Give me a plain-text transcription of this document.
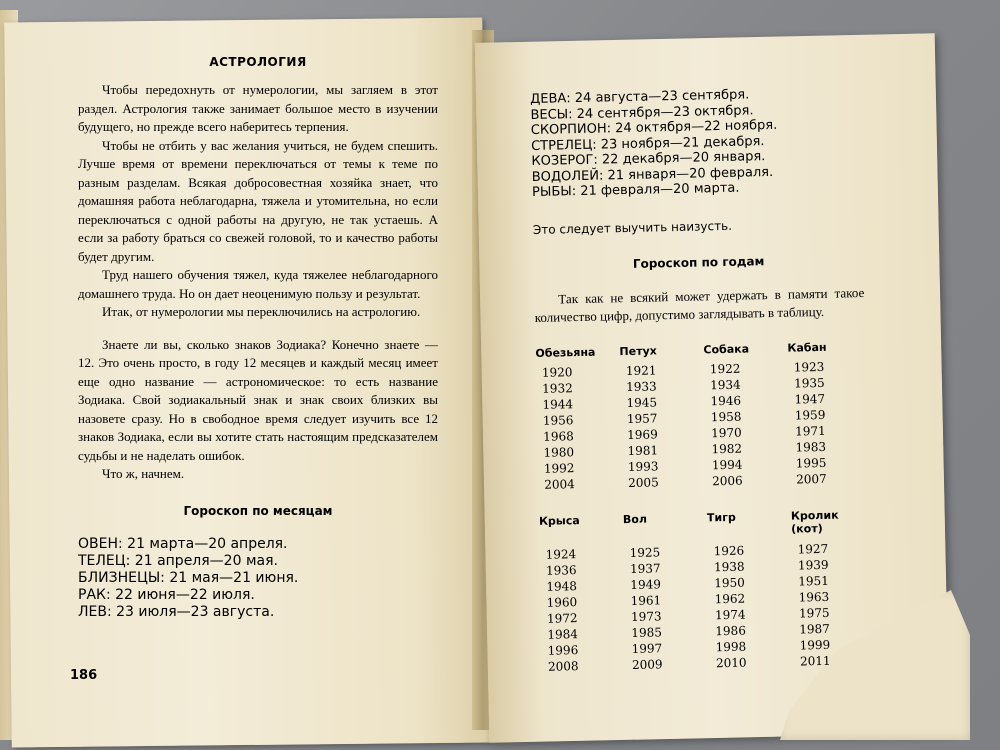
АСТРОЛОГИЯ

Чтобы передохнуть от нумерологии, мы загляем в этот раздел. Астрология также занимает большое место в изучении будущего, но прежде всего наберитесь терпения.

Чтобы не отбить у вас желания учиться, не будем спешить. Лучше время от времени переключаться от темы к теме по разным разделам. Всякая добросовестная хозяйка знает, что домашняя работа неблагодарна, тяжела и утомительна, но если переключаться с одной работы на другую, не так устаешь. А если за работу браться со свежей головой, то и качество работы будет другим.

Труд нашего обучения тяжел, куда тяжелее неблагодарного домашнего труда. Но он дает неоценимую пользу и результат.

Итак, от нумерологии мы переключились на астрологию.

Знаете ли вы, сколько знаков Зодиака? Конечно знаете — 12. Это очень просто, в году 12 месяцев и каждый месяц имеет еще одно название — астрономическое: то есть название Зодиака. Свой зодиакальный знак и знак своих близких вы назовете сразу. Но в свободное время следует изучить все 12 знаков Зодиака, если вы хотите стать настоящим предсказателем судьбы и не наделать ошибок.

Что ж, начнем.

Гороскоп по месяцам
ОВЕН: 21 марта—20 апреля.
ТЕЛЕЦ: 21 апреля—20 мая.
БЛИЗНЕЦЫ: 21 мая—21 июня.
РАК: 22 июня—22 июля.
ЛЕВ: 23 июля—23 августа.
186
ДЕВА: 24 августа—23 сентября.
ВЕСЫ: 24 сентября—23 октября.
СКОРПИОН: 24 октября—22 ноября.
СТРЕЛЕЦ: 23 ноября—21 декабря.
КОЗЕРОГ: 22 декабря—20 января.
ВОДОЛЕЙ: 21 января—20 февраля.
РЫБЫ: 21 февраля—20 марта.

Это следует выучить наизусть.

Гороскоп по годам

Так как не всякий может удержать в памяти такое количество цифр, допустимо заглядывать в таблицу.

Обезьяна
1920
1932
1944
1956
1968
1980
1992
2004
Петух
1921
1933
1945
1957
1969
1981
1993
2005
Собака
1922
1934
1946
1958
1970
1982
1994
2006
Кабан
1923
1935
1947
1959
1971
1983
1995
2007
Крыса
1924
1936
1948
1960
1972
1984
1996
2008
Вол
1925
1937
1949
1961
1973
1985
1997
2009
Тигр
1926
1938
1950
1962
1974
1986
1998
2010
Кролик
(кот)
1927
1939
1951
1963
1975
1987
1999
2011
